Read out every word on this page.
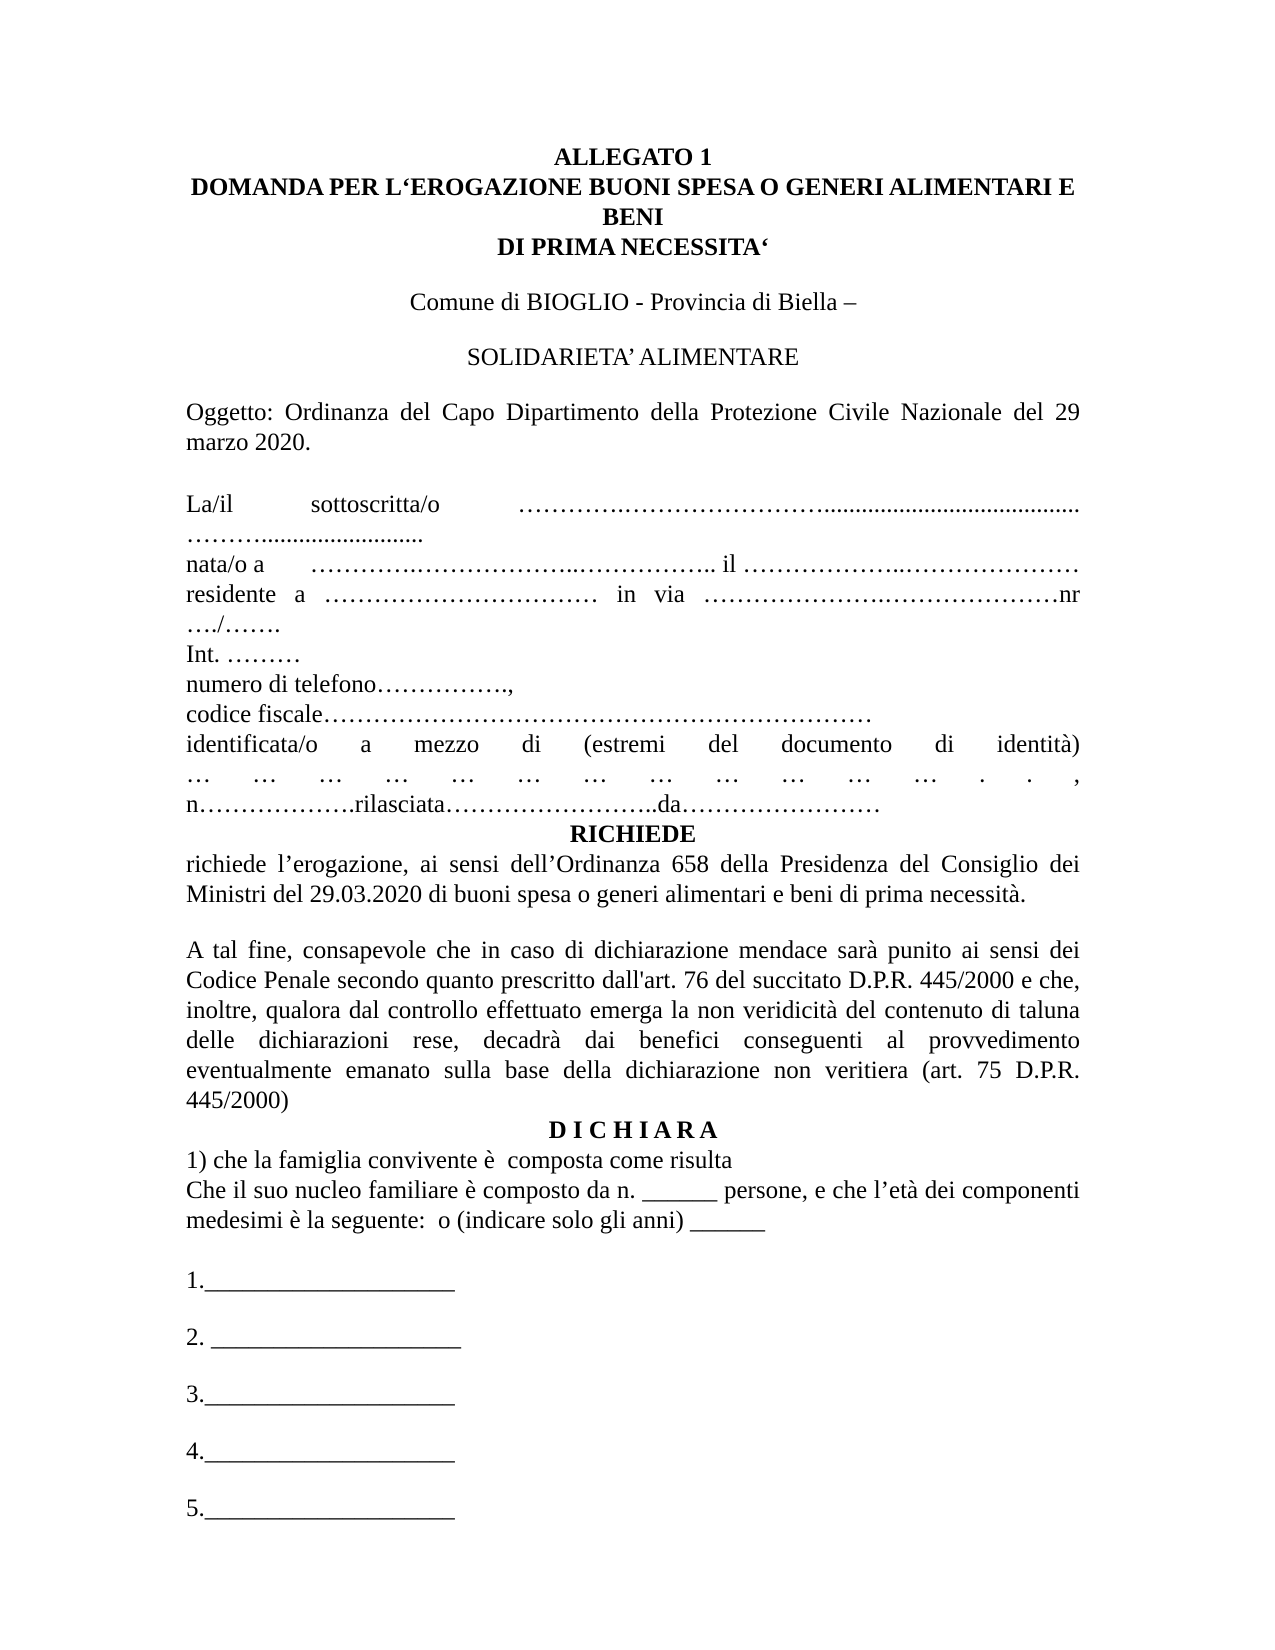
ALLEGATO 1
DOMANDA PER L‘EROGAZIONE BUONI SPESA O GENERI ALIMENTARI E
BENI
DI PRIMA NECESSITA‘
Comune di BIOGLIO - Provincia di Biella –
SOLIDARIETA’ ALIMENTARE
Oggetto: Ordinanza del Capo Dipartimento della Protezione Civile Nazionale del 29
marzo 2020.
La/il	sottoscritta/o	………….…………………….........................................
………..........................
nata/o a ………….………………..…………….. il ………………..…………………
residente a …………………………… in via ………………….…………………nr …./…….
Int. ………
numero di telefono…………….,
codice fiscale…………………………………………………………
identificata/o a mezzo di (estremi del documento di identità)
… … … … … … … … … … … … . . ,
n……………….rilasciata……………………..da……………………
RICHIEDE
richiede l’erogazione, ai sensi dell’Ordinanza 658 della Presidenza del Consiglio dei
Ministri del 29.03.2020 di buoni spesa o generi alimentari e beni di prima necessità.
A tal fine, consapevole che in caso di dichiarazione mendace sarà punito ai sensi dei
Codice Penale secondo quanto prescritto dall'art. 76 del succitato D.P.R. 445/2000 e che,
inoltre, qualora dal controllo effettuato emerga la non veridicità del contenuto di taluna
delle dichiarazioni rese, decadrà dai benefici conseguenti al provvedimento
eventualmente emanato sulla base della dichiarazione non veritiera (art. 75 D.P.R.
445/2000)
D I C H I A R A
1) che la famiglia convivente è  composta come risulta
Che il suo nucleo familiare è composto da n. ______ persone, e che l’età dei componenti
medesimi è la seguente:  o (indicare solo gli anni) ______
1.____________________
2. ____________________
3.____________________
4.____________________
5.____________________
